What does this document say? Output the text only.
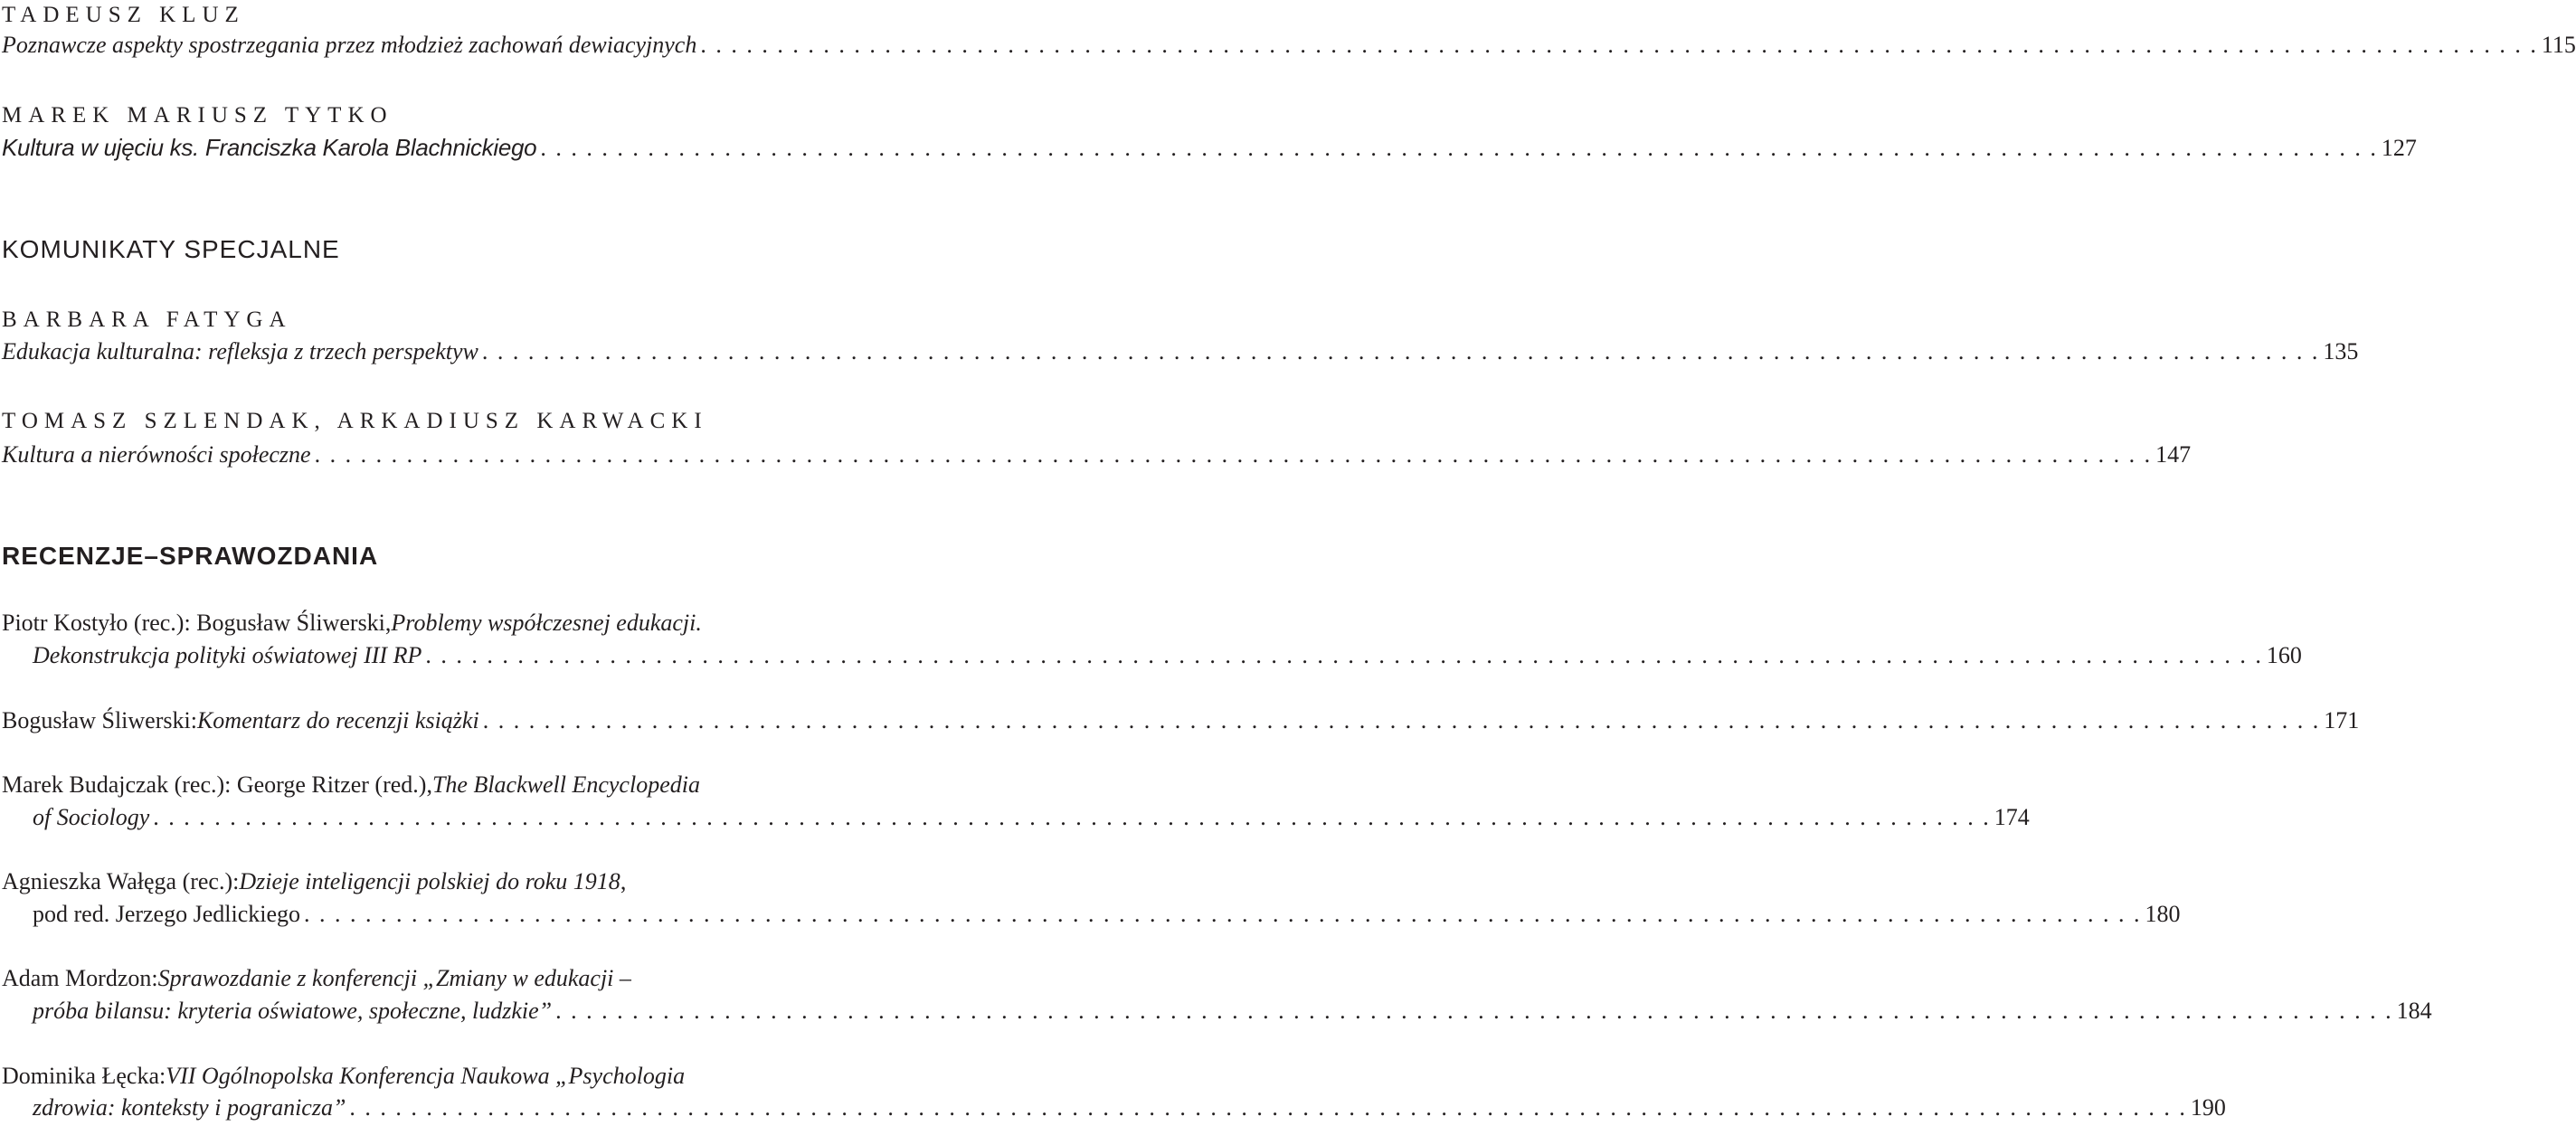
TADEUSZ KLUZ
Poznawcze aspekty spostrzegania przez młodzież zachowań dewiacyjnych . . . . . . . . . . . . . . . . . . . . . . . . . . . . . . . . . . . . . . . . . . . . . . . . . . . . . . . . . . . . . . . . . . . . . . . . . . . . . . . . . . . . . . . . . . . . . . . . . . . . . . . . . . . . . . . . . . . . . . . . 115
MAREK MARIUSZ TYTKO
Kultura w ujęciu ks. Franciszka Karola Blachnickiego . . . . . . . . . . . . . . . . . . . . . . . . . . . . . . . . . . . . . . . . . . . . . . . . . . . . . . . . . . . . . . . . . . . . . . . . . . . . . . . . . . . . . . . . . . . . . . . . . . . . . . . . . . . . . . . . . . . . . . . . 127
KOMUNIKATY SPECJALNE
BARBARA FATYGA
Edukacja kulturalna: refleksja z trzech perspektyw . . . . . . . . . . . . . . . . . . . . . . . . . . . . . . . . . . . . . . . . . . . . . . . . . . . . . . . . . . . . . . . . . . . . . . . . . . . . . . . . . . . . . . . . . . . . . . . . . . . . . . . . . . . . . . . . . . . . . . . . 135
TOMASZ SZLENDAK, ARKADIUSZ KARWACKI
Kultura a nierówności społeczne . . . . . . . . . . . . . . . . . . . . . . . . . . . . . . . . . . . . . . . . . . . . . . . . . . . . . . . . . . . . . . . . . . . . . . . . . . . . . . . . . . . . . . . . . . . . . . . . . . . . . . . . . . . . . . . . . . . . . . . . 147
RECENZJE–SPRAWOZDANIA
Piotr Kostyło (rec.): Bogusław Śliwerski, Problemy współczesnej edukacji.
Dekonstrukcja polityki oświatowej III RP . . . . . . . . . . . . . . . . . . . . . . . . . . . . . . . . . . . . . . . . . . . . . . . . . . . . . . . . . . . . . . . . . . . . . . . . . . . . . . . . . . . . . . . . . . . . . . . . . . . . . . . . . . . . . . . . . . . . . . . . 160
Bogusław Śliwerski: Komentarz do recenzji książki . . . . . . . . . . . . . . . . . . . . . . . . . . . . . . . . . . . . . . . . . . . . . . . . . . . . . . . . . . . . . . . . . . . . . . . . . . . . . . . . . . . . . . . . . . . . . . . . . . . . . . . . . . . . . . . . . . . . . . . . 171
Marek Budajczak (rec.): George Ritzer (red.), The Blackwell Encyclopedia
of Sociology . . . . . . . . . . . . . . . . . . . . . . . . . . . . . . . . . . . . . . . . . . . . . . . . . . . . . . . . . . . . . . . . . . . . . . . . . . . . . . . . . . . . . . . . . . . . . . . . . . . . . . . . . . . . . . . . . . . . . . . . 174
Agnieszka Wałęga (rec.): Dzieje inteligencji polskiej do roku 1918 ,
pod red. Jerzego Jedlickiego . . . . . . . . . . . . . . . . . . . . . . . . . . . . . . . . . . . . . . . . . . . . . . . . . . . . . . . . . . . . . . . . . . . . . . . . . . . . . . . . . . . . . . . . . . . . . . . . . . . . . . . . . . . . . . . . . . . . . . . . 180
Adam Mordzon: Sprawozdanie z konferencji „Zmiany w edukacji –
próba bilansu: kryteria oświatowe, społeczne, ludzkie” . . . . . . . . . . . . . . . . . . . . . . . . . . . . . . . . . . . . . . . . . . . . . . . . . . . . . . . . . . . . . . . . . . . . . . . . . . . . . . . . . . . . . . . . . . . . . . . . . . . . . . . . . . . . . . . . . . . . . . . . 184
Dominika Łęcka: VII Ogólnopolska Konferencja Naukowa „Psychologia
zdrowia: konteksty i pogranicza” . . . . . . . . . . . . . . . . . . . . . . . . . . . . . . . . . . . . . . . . . . . . . . . . . . . . . . . . . . . . . . . . . . . . . . . . . . . . . . . . . . . . . . . . . . . . . . . . . . . . . . . . . . . . . . . . . . . . . . . . 190
